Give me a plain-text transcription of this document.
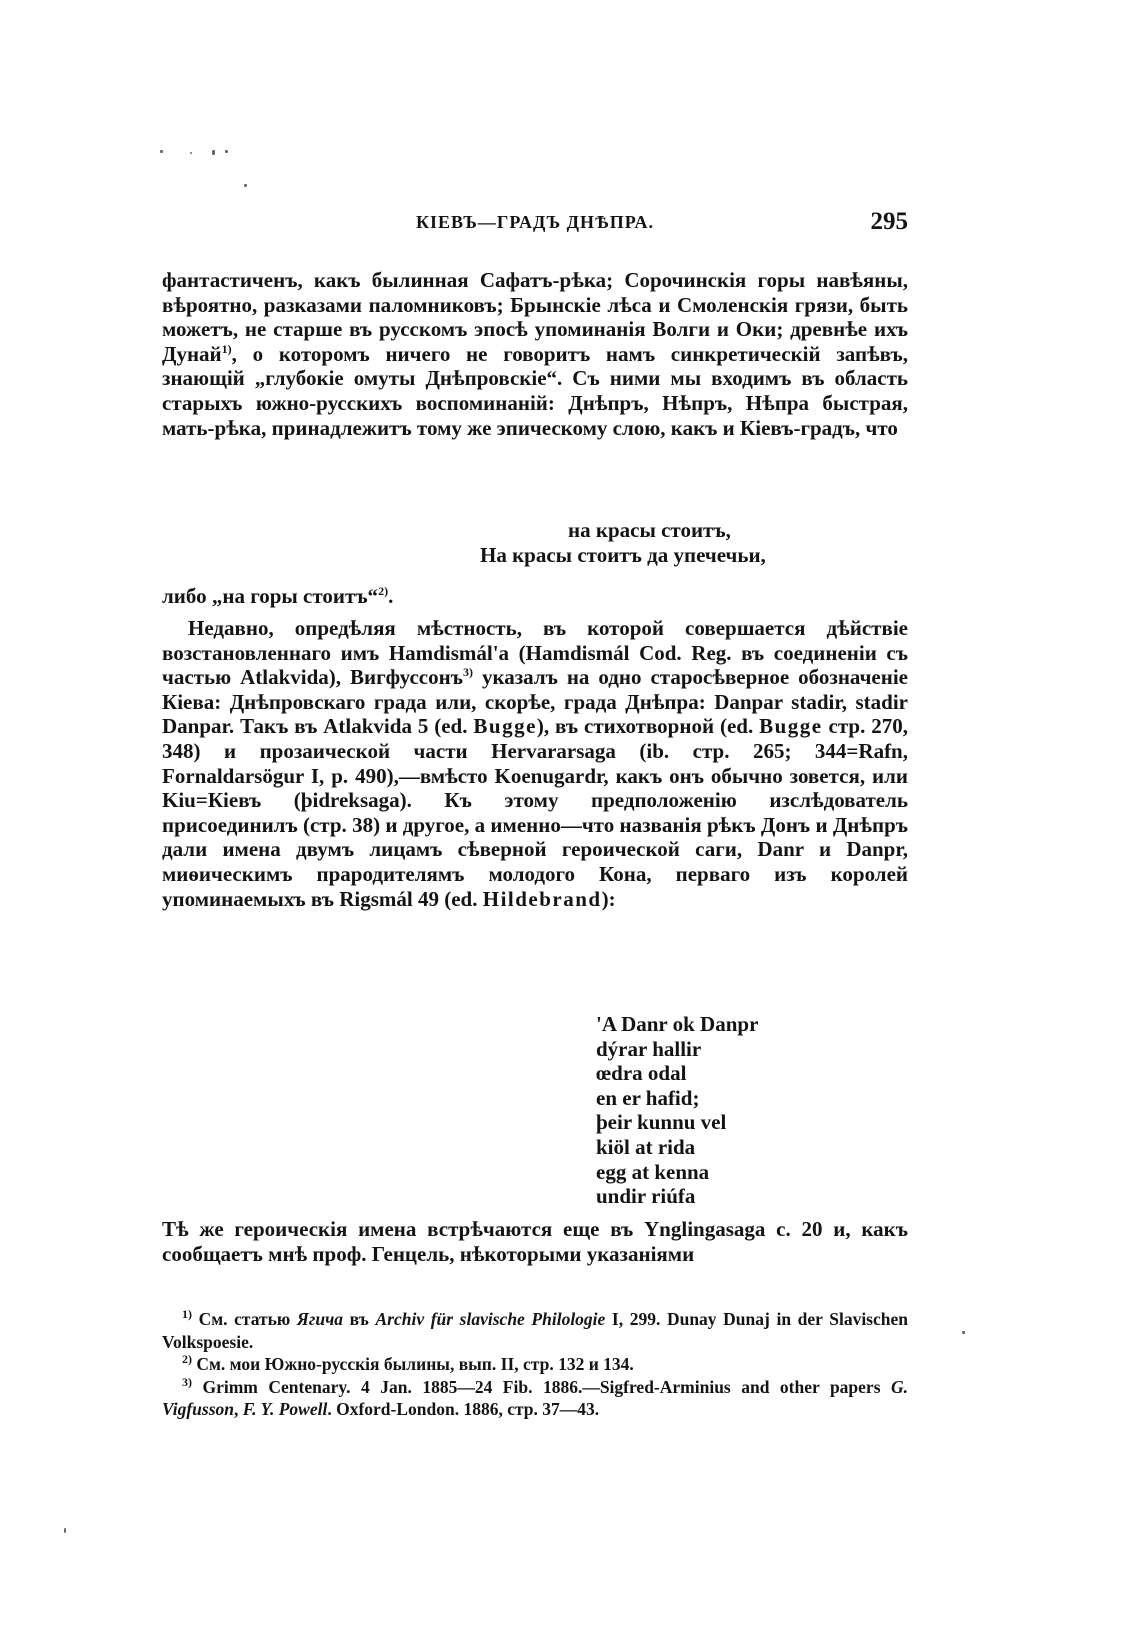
КІЕВЪ—ГРАДЪ ДНѢПРА.	295

фантастиченъ, какъ былинная Сафатъ-рѣка; Сорочинскія горы навѣяны, вѣроятно, разказами паломниковъ; Брынскіе лѣса и Смоленскія грязи, быть можетъ, не старше въ русскомъ эпосѣ упоминанія Волги и Оки; древнѣе ихъ Дунай$^{1)}$, о которомъ ничего не говоритъ намъ синкретическій запѣвъ, знающій „глубокіе омуты Днѣпровскіе“. Съ ними мы входимъ въ область старыхъ южно-русскихъ воспоминаній: Днѣпръ, Нѣпръ, Нѣпра быстрая, мать-рѣка, принадлежитъ тому же эпическому слою, какъ и Кіевъ-градъ, что

на красы стоитъ,
На красы стоитъ да упечечьи,
либо „на горы стоитъ“$^{2)}$.

Недавно, опредѣляя мѣстность, въ которой совершается дѣйствіе возстановленнаго имъ Hamdismál'a (Hamdismál Cod. Reg. въ соединеніи съ частью Atlakvida), Вигфуссонъ$^{3)}$ указалъ на одно старосѣверное обозначеніе Кіева: Днѣпровскаго града или, скорѣе, града Днѣпра: Danpar stadir, stadir Danpar. Такъ въ Atlakvida 5 (ed. Bugge), въ стихотворной (ed. Bugge стр. 270, 348) и прозаической части Hervararsaga (ib. стр. 265; 344=Rafn, Fornaldarsögur I, p. 490),—вмѣсто Koenugardr, какъ онъ обычно зовется, или Kiu=Кіевъ (þidreksaga). Къ этому предположенію изслѣдователь присоединилъ (стр. 38) и другое, а именно—что названія рѣкъ Донъ и Днѣпръ дали имена двумъ лицамъ сѣверной героической саги, Danr и Danpr, миѳическимъ прародителямъ молодого Кона, перваго изъ королей упоминаемыхъ въ Rigsmál 49 (ed. Hildebrand):

'A Danr ok Danpr
dýrar hallir
œdra odal
en er hafid;
þeir kunnu vel
kiöl at rida
egg at kenna
undir riúfa

Тѣ же героическія имена встрѣчаются еще въ Ynglingasaga c. 20 и, какъ сообщаетъ мнѣ проф. Генцель, нѣкоторыми указаніями

$^{1)}$ См. статью Ягича въ Archiv für slavische Philologie I, 299. Dunay Dunaj in der Slavischen Volkspoesie.

$^{2)}$ См. мои Южно-русскія былины, вып. II, стр. 132 и 134.

$^{3)}$ Grimm Centenary. 4 Jan. 1885—24 Fib. 1886.—Sigfred-Arminius and other papers G. Vigfusson, F. Y. Powell. Oxford-London. 1886, стр. 37—43.
